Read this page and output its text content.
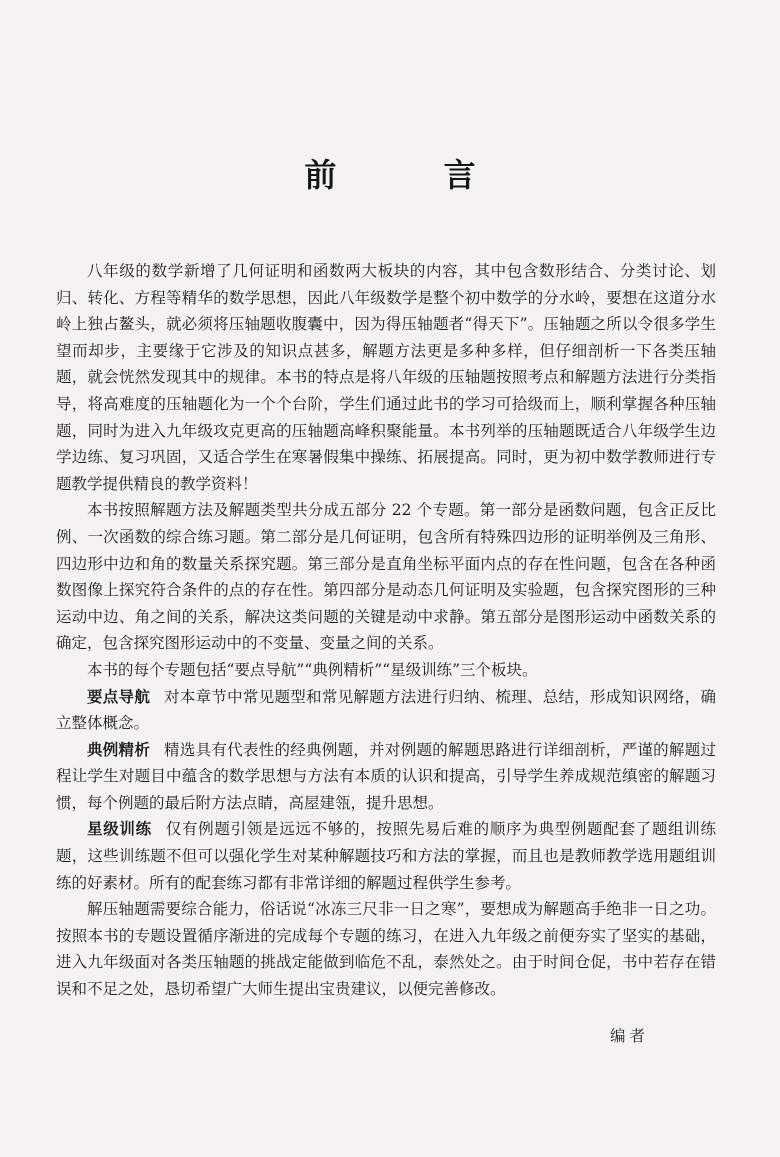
前 言

八年级的数学新增了几何证明和函数两大板块的内容，其中包含数形结合、分类讨论、划归、转化、方程等精华的数学思想，因此八年级数学是整个初中数学的分水岭，要想在这道分水岭上独占鳌头，就必须将压轴题收腹囊中，因为得压轴题者“得天下”。压轴题之所以令很多学生望而却步，主要缘于它涉及的知识点甚多，解题方法更是多种多样，但仔细剖析一下各类压轴题，就会恍然发现其中的规律。本书的特点是将八年级的压轴题按照考点和解题方法进行分类指导，将高难度的压轴题化为一个个台阶，学生们通过此书的学习可拾级而上，顺利掌握各种压轴题，同时为进入九年级攻克更高的压轴题高峰积聚能量。本书列举的压轴题既适合八年级学生边学边练、复习巩固，又适合学生在寒暑假集中操练、拓展提高。同时，更为初中数学教师进行专题教学提供精良的教学资料！

本书按照解题方法及解题类型共分成五部分 22 个专题。第一部分是函数问题，包含正反比例、一次函数的综合练习题。第二部分是几何证明，包含所有特殊四边形的证明举例及三角形、四边形中边和角的数量关系探究题。第三部分是直角坐标平面内点的存在性问题，包含在各种函数图像上探究符合条件的点的存在性。第四部分是动态几何证明及实验题，包含探究图形的三种运动中边、角之间的关系，解决这类问题的关键是动中求静。第五部分是图形运动中函数关系的确定，包含探究图形运动中的不变量、变量之间的关系。

本书的每个专题包括“要点导航”“典例精析”“星级训练”三个板块。

要点导航 对本章节中常见题型和常见解题方法进行归纳、梳理、总结，形成知识网络，确立整体概念。

典例精析 精选具有代表性的经典例题，并对例题的解题思路进行详细剖析，严谨的解题过程让学生对题目中蕴含的数学思想与方法有本质的认识和提高，引导学生养成规范缜密的解题习惯，每个例题的最后附方法点睛，高屋建瓴，提升思想。

星级训练 仅有例题引领是远远不够的，按照先易后难的顺序为典型例题配套了题组训练题，这些训练题不但可以强化学生对某种解题技巧和方法的掌握，而且也是教师教学选用题组训练的好素材。所有的配套练习都有非常详细的解题过程供学生参考。

解压轴题需要综合能力，俗话说“冰冻三尺非一日之寒”，要想成为解题高手绝非一日之功。按照本书的专题设置循序渐进的完成每个专题的练习，在进入九年级之前便夯实了坚实的基础，进入九年级面对各类压轴题的挑战定能做到临危不乱，泰然处之。由于时间仓促，书中若存在错误和不足之处，恳切希望广大师生提出宝贵建议，以便完善修改。

编者
